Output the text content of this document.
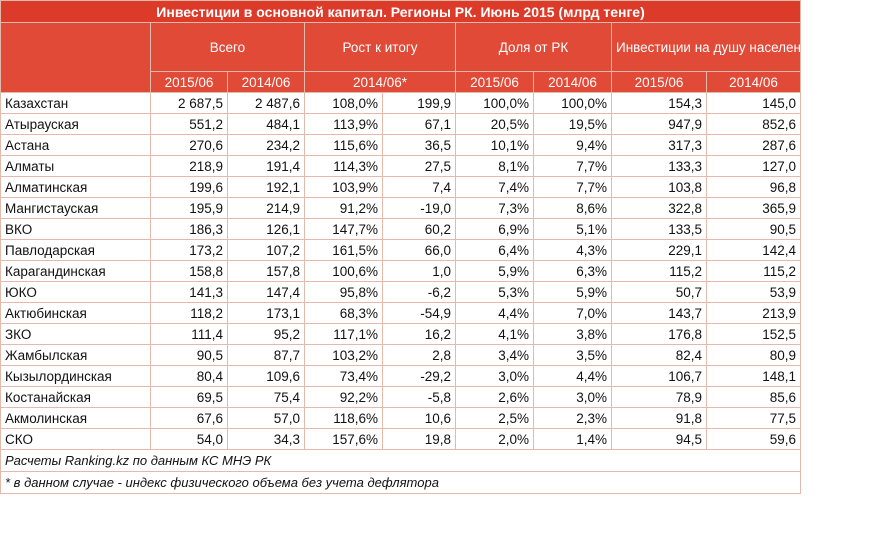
Инвестиции в основной капитал. Регионы РК. Июнь 2015 (млрд тенге)								
	Всего		Рост к итогу		Доля от РК		Инвестиции на душу населения (тыс. тенге)	
	2015/06	2014/06	2014/06*		2015/06	2014/06	2015/06	2014/06
Казахстан	2 687,5	2 487,6	108,0%	199,9	100,0%	100,0%	154,3	145,0
Атырауская	551,2	484,1	113,9%	67,1	20,5%	19,5%	947,9	852,6
Астана	270,6	234,2	115,6%	36,5	10,1%	9,4%	317,3	287,6
Алматы	218,9	191,4	114,3%	27,5	8,1%	7,7%	133,3	127,0
Алматинская	199,6	192,1	103,9%	7,4	7,4%	7,7%	103,8	96,8
Мангистауская	195,9	214,9	91,2%	-19,0	7,3%	8,6%	322,8	365,9
ВКО	186,3	126,1	147,7%	60,2	6,9%	5,1%	133,5	90,5
Павлодарская	173,2	107,2	161,5%	66,0	6,4%	4,3%	229,1	142,4
Карагандинская	158,8	157,8	100,6%	1,0	5,9%	6,3%	115,2	115,2
ЮКО	141,3	147,4	95,8%	-6,2	5,3%	5,9%	50,7	53,9
Актюбинская	118,2	173,1	68,3%	-54,9	4,4%	7,0%	143,7	213,9
ЗКО	111,4	95,2	117,1%	16,2	4,1%	3,8%	176,8	152,5
Жамбылская	90,5	87,7	103,2%	2,8	3,4%	3,5%	82,4	80,9
Кызылординская	80,4	109,6	73,4%	-29,2	3,0%	4,4%	106,7	148,1
Костанайская	69,5	75,4	92,2%	-5,8	2,6%	3,0%	78,9	85,6
Акмолинская	67,6	57,0	118,6%	10,6	2,5%	2,3%	91,8	77,5
СКО	54,0	34,3	157,6%	19,8	2,0%	1,4%	94,5	59,6
Расчеты Ranking.kz по данным КС МНЭ РК								
* в данном случае - индекс физического объема без учета дефлятора								
